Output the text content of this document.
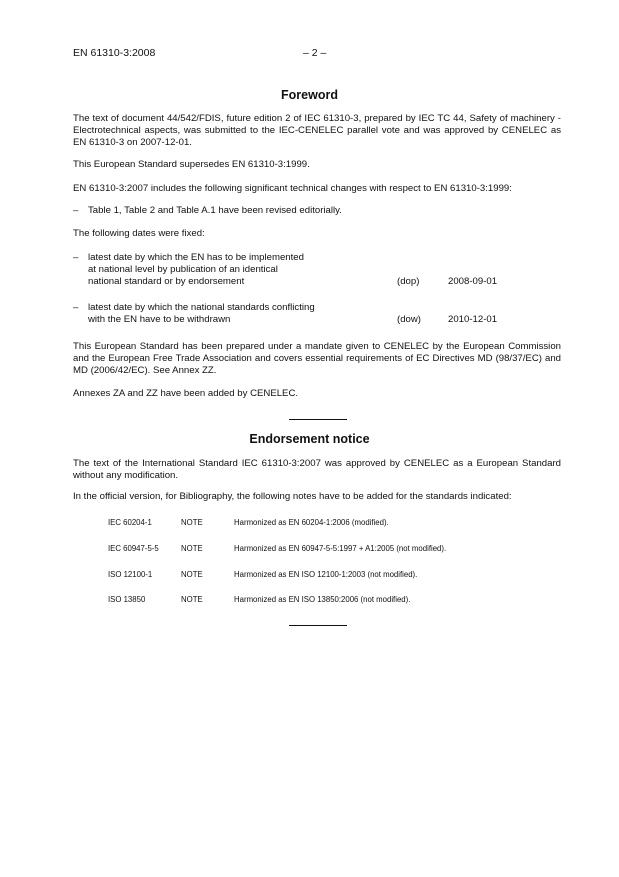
EN 61310-3:2008	– 2 –
Foreword
The text of document 44/542/FDIS, future edition 2 of IEC 61310-3, prepared by IEC TC 44, Safety of machinery - Electrotechnical aspects, was submitted to the IEC-CENELEC parallel vote and was approved by CENELEC as EN 61310-3 on 2007-12-01.
This European Standard supersedes EN 61310-3:1999.
EN 61310-3:2007 includes the following significant technical changes with respect to EN 61310-3:1999:
– Table 1, Table 2 and Table A.1 have been revised editorially.
The following dates were fixed:
– latest date by which the EN has to be implemented
at national level by publication of an identical
national standard or by endorsement	(dop)	2008-09-01
– latest date by which the national standards conflicting
with the EN have to be withdrawn	(dow)	2010-12-01
This European Standard has been prepared under a mandate given to CENELEC by the European Commission and the European Free Trade Association and covers essential requirements of EC Directives MD (98/37/EC) and MD (2006/42/EC). See Annex ZZ.
Annexes ZA and ZZ have been added by CENELEC.
Endorsement notice
The text of the International Standard IEC 61310-3:2007 was approved by CENELEC as a European Standard without any modification.
In the official version, for Bibliography, the following notes have to be added for the standards indicated:
IEC 60204-1	NOTE	Harmonized as EN 60204-1:2006 (modified).
IEC 60947-5-5	NOTE	Harmonized as EN 60947-5-5:1997 + A1:2005 (not modified).
ISO 12100-1	NOTE	Harmonized as EN ISO 12100-1:2003 (not modified).
ISO 13850	NOTE	Harmonized as EN ISO 13850:2006 (not modified).
